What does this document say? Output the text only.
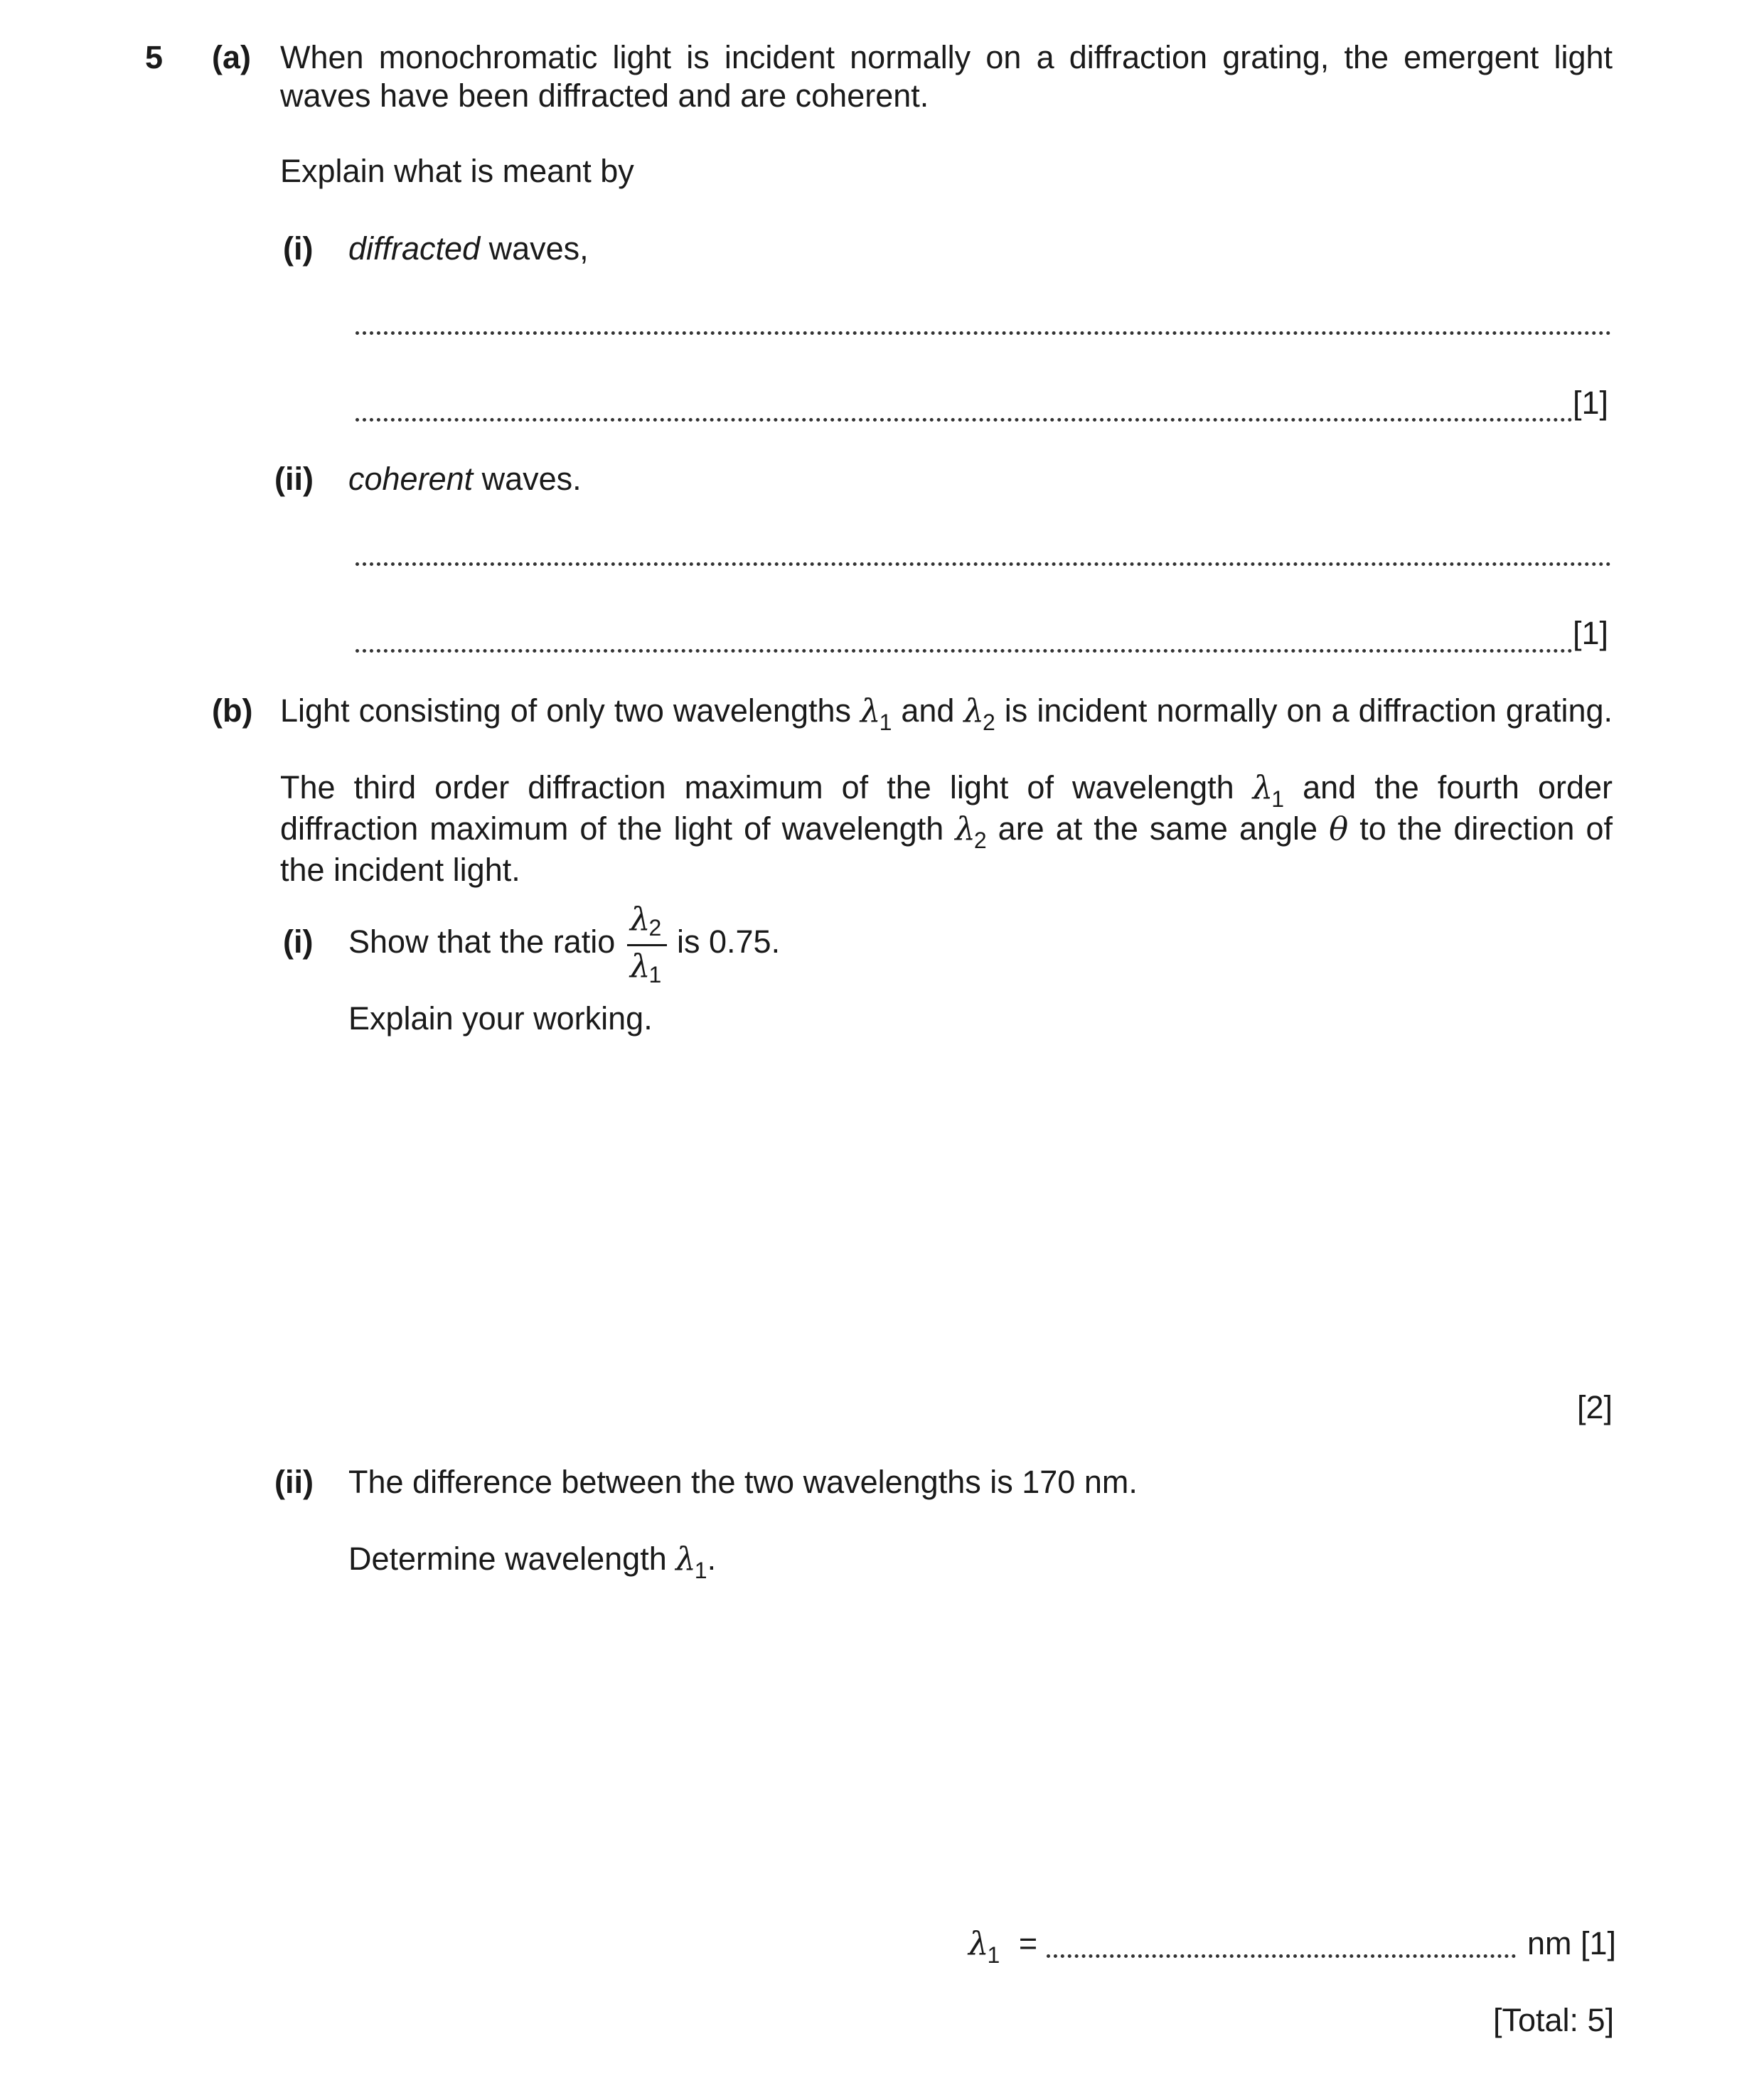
5 (a) When monochromatic light is incident normally on a diffraction grating, the emergent light
waves have been diffracted and are coherent.
Explain what is meant by
(i) diffracted waves,
[1]
(ii) coherent waves.
[1]
(b) Light consisting of only two wavelengths $\lambda_1$ and $\lambda_2$ is incident normally on a diffraction grating.
The third order diffraction maximum of the light of wavelength $\lambda_1$ and the fourth order diffraction maximum of the light of wavelength $\lambda_2$ are at the same angle θ to the direction of the incident light.
(i) Show that the ratio
λ2
λ1
is 0.75.
Explain your working.
[2]
(ii) The difference between the two wavelengths is 170 nm.
Determine wavelength $\lambda_1$.
$\lambda_1$ =	nm [1]
[Total: 5]
